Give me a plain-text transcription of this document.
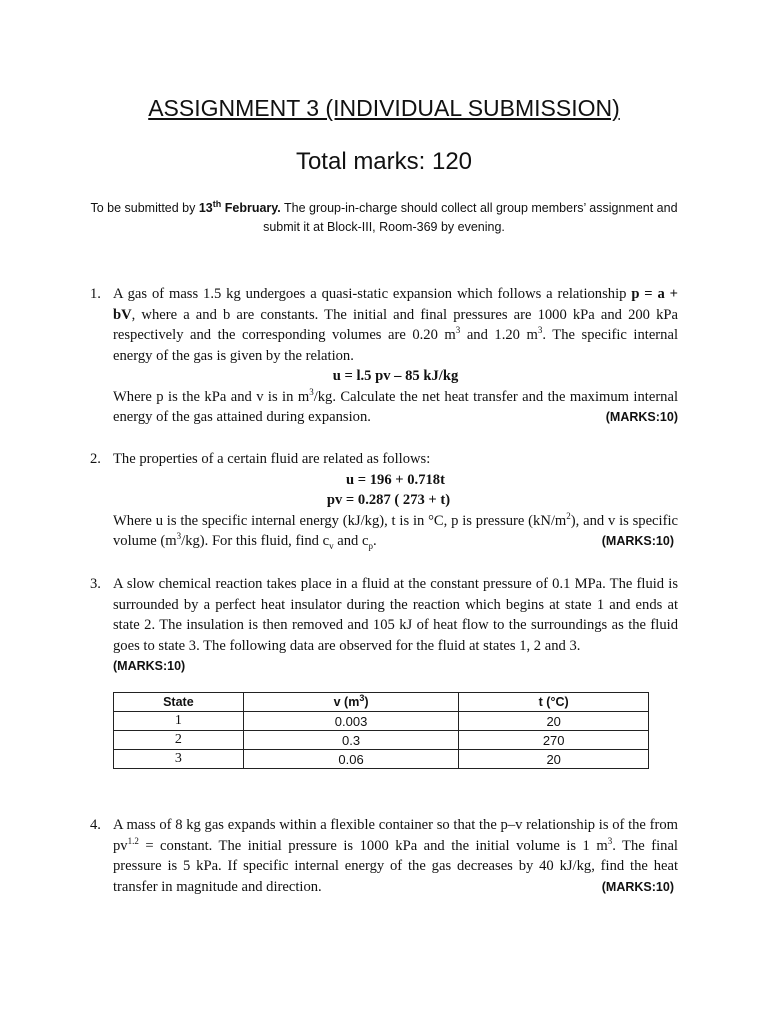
ASSIGNMENT 3 (INDIVIDUAL SUBMISSION)
Total marks: 120
To be submitted by 13th February. The group-in-charge should collect all group members’ assignment and submit it at Block-III, Room-369 by evening.
1. A gas of mass 1.5 kg undergoes a quasi-static expansion which follows a relationship p = a + bV, where a and b are constants. The initial and final pressures are 1000 kPa and 200 kPa respectively and the corresponding volumes are 0.20 $m^3$ and 1.20 $m^3$. The specific internal energy of the gas is given by the relation.
u = l.5 pv – 85 kJ/kg
Where p is the kPa and v is in $m^3/kg$. Calculate the net heat transfer and the maximum internal energy of the gas attained during expansion.	(MARKS:10)
2. The properties of a certain fluid are related as follows:
u = 196 + 0.718t
pv = 0.287 ( 273 + t)
Where u is the specific internal energy (kJ/kg), t is in °C, p is pressure $(kN/m^2)$, and v is specific volume $(m^3/kg)$. For this fluid, find $c_v$ and $c_p$.	(MARKS:10)
3. A slow chemical reaction takes place in a fluid at the constant pressure of 0.1 MPa. The fluid is surrounded by a perfect heat insulator during the reaction which begins at state 1 and ends at state 2. The insulation is then removed and 105 kJ of heat flow to the surroundings as the fluid goes to state 3. The following data are observed for the fluid at states 1, 2 and 3.
(MARKS:10)
State	v $(m^3)$	t (°C)
1	0.003	20
2	0.3	270
3	0.06	20
4. A mass of 8 kg gas expands within a flexible container so that the p–v relationship is of the from $pv^{1.2}$ = constant. The initial pressure is 1000 kPa and the initial volume is 1 $m^3$. The final pressure is 5 kPa. If specific internal energy of the gas decreases by 40 kJ/kg, find the heat transfer in magnitude and direction.	(MARKS:10)
